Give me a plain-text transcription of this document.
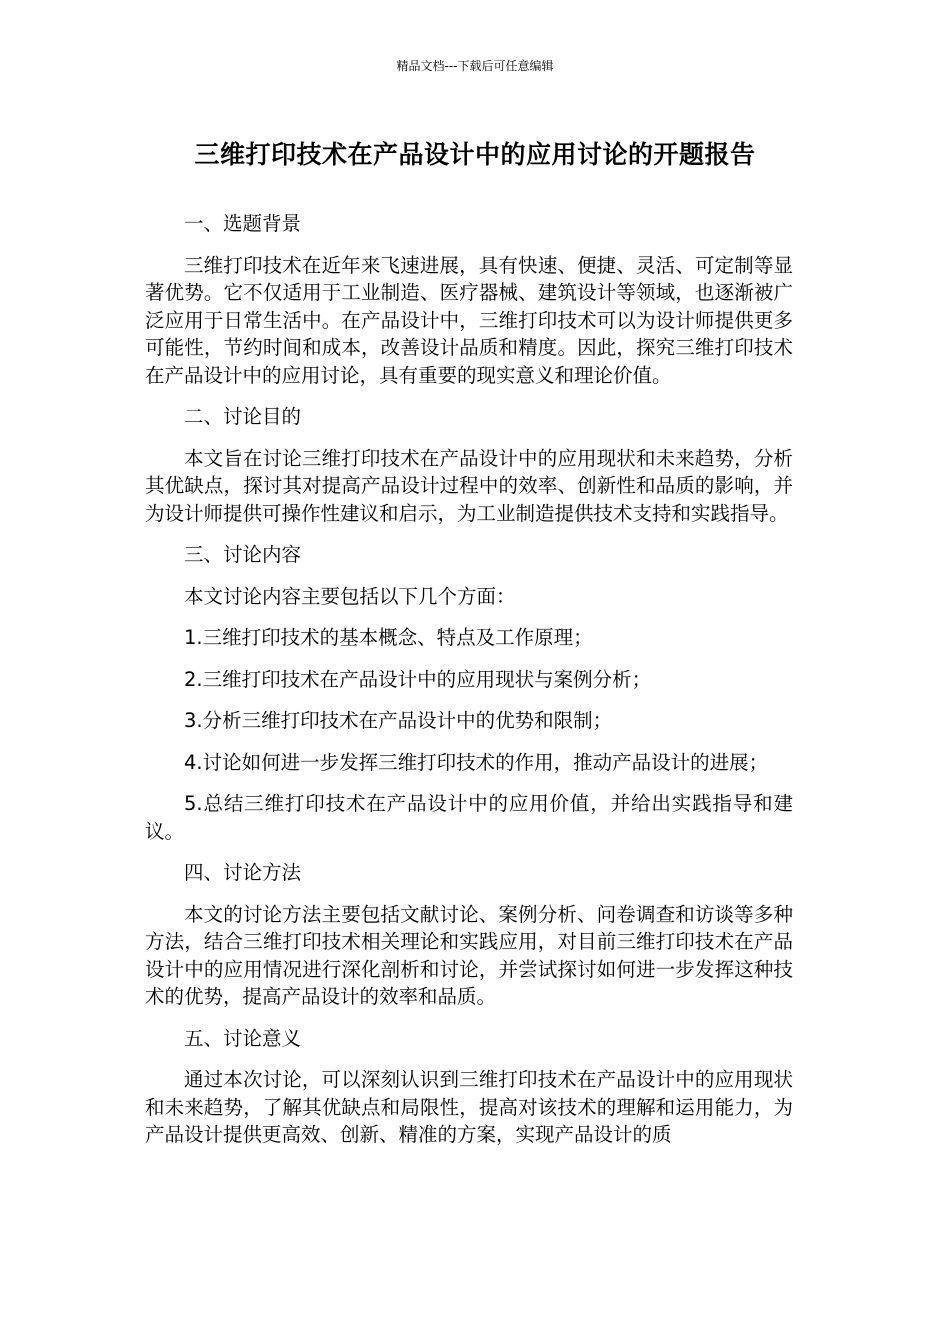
精品文档---下载后可任意编辑
三维打印技术在产品设计中的应用讨论的开题报告

一、选题背景

三维打印技术在近年来飞速进展，具有快速、便捷、灵活、可定制等显著优势。它不仅适用于工业制造、医疗器械、建筑设计等领域，也逐渐被广泛应用于日常生活中。在产品设计中，三维打印技术可以为设计师提供更多可能性，节约时间和成本，改善设计品质和精度。因此，探究三维打印技术在产品设计中的应用讨论，具有重要的现实意义和理论价值。

二、讨论目的

本文旨在讨论三维打印技术在产品设计中的应用现状和未来趋势，分析其优缺点，探讨其对提高产品设计过程中的效率、创新性和品质的影响，并为设计师提供可操作性建议和启示，为工业制造提供技术支持和实践指导。

三、讨论内容

本文讨论内容主要包括以下几个方面：

1.三维打印技术的基本概念、特点及工作原理；

2.三维打印技术在产品设计中的应用现状与案例分析；

3.分析三维打印技术在产品设计中的优势和限制；

4.讨论如何进一步发挥三维打印技术的作用，推动产品设计的进展；

5.总结三维打印技术在产品设计中的应用价值，并给出实践指导和建议。

四、讨论方法

本文的讨论方法主要包括文献讨论、案例分析、问卷调查和访谈等多种方法，结合三维打印技术相关理论和实践应用，对目前三维打印技术在产品设计中的应用情况进行深化剖析和讨论，并尝试探讨如何进一步发挥这种技术的优势，提高产品设计的效率和品质。

五、讨论意义

通过本次讨论，可以深刻认识到三维打印技术在产品设计中的应用现状和未来趋势，了解其优缺点和局限性，提高对该技术的理解和运用能力，为产品设计提供更高效、创新、精准的方案，实现产品设计的质
